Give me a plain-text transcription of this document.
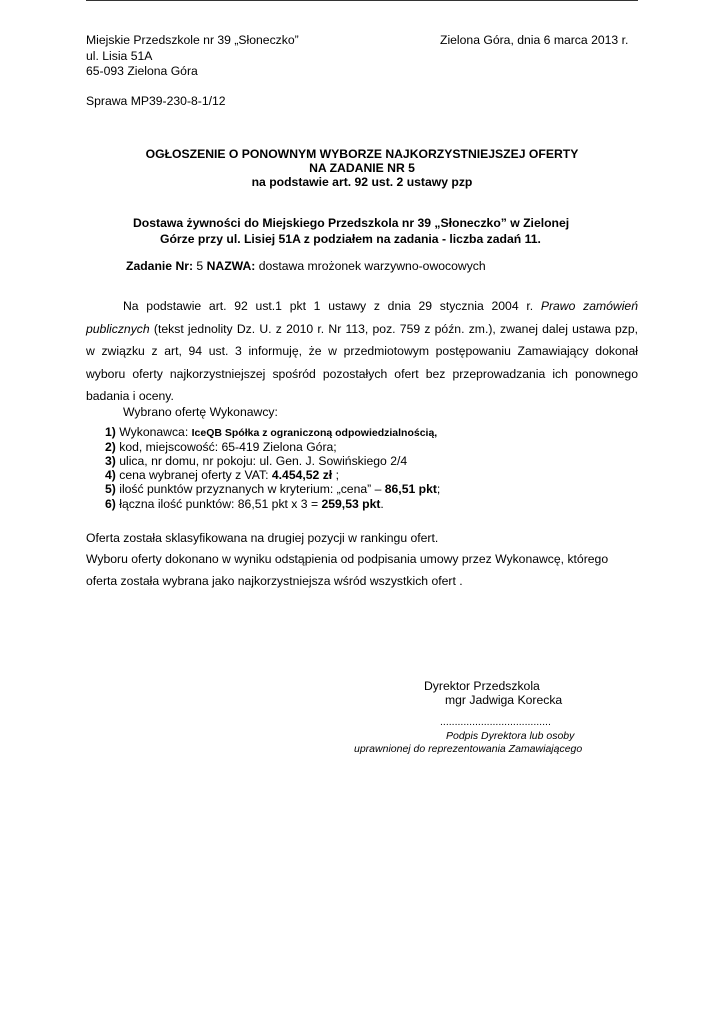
Miejskie Przedszkole nr 39 „Słoneczko”
ul. Lisia 51A
65-093 Zielona Góra
Zielona Góra, dnia 6 marca 2013 r.
Sprawa MP39-230-8-1/12
OGŁOSZENIE O PONOWNYM WYBORZE NAJKORZYSTNIEJSZEJ OFERTY
NA ZADANIE NR 5
na podstawie art. 92 ust. 2 ustawy pzp
Dostawa żywności do Miejskiego Przedszkola nr 39 „Słoneczko” w Zielonej
Górze przy ul. Lisiej 51A z podziałem na zadania - liczba zadań 11.
Zadanie Nr: 5 NAZWA: dostawa mrożonek warzywno-owocowych
Na podstawie art. 92 ust.1 pkt 1 ustawy z dnia 29 stycznia 2004 r. Prawo zamówień
publicznych (tekst jednolity Dz. U. z 2010 r. Nr 113, poz. 759 z późn. zm.), zwanej dalej ustawa pzp,
w związku z art, 94 ust. 3 informuję, że w przedmiotowym postępowaniu Zamawiający dokonał
wyboru oferty najkorzystniejszej spośród pozostałych ofert bez przeprowadzania ich ponownego
badania i oceny.
Wybrano ofertę Wykonawcy:
1) Wykonawca: IceQB Spółka z ograniczoną odpowiedzialnością,
2) kod, miejscowość: 65-419 Zielona Góra;
3) ulica, nr domu, nr pokoju: ul. Gen. J. Sowińskiego 2/4
4) cena wybranej oferty z VAT: 4.454,52 zł ;
5) ilość punktów przyznanych w kryterium: „cena” – 86,51 pkt;
6) łączna ilość punktów: 86,51 pkt x 3 = 259,53 pkt.
Oferta została sklasyfikowana na drugiej pozycji w rankingu ofert.
Wyboru oferty dokonano w wyniku odstąpienia od podpisania umowy przez Wykonawcę, którego
oferta została wybrana jako najkorzystniejsza wśród wszystkich ofert .
Dyrektor Przedszkola
mgr Jadwiga Korecka
......................................
Podpis Dyrektora lub osoby
uprawnionej do reprezentowania Zamawiającego
